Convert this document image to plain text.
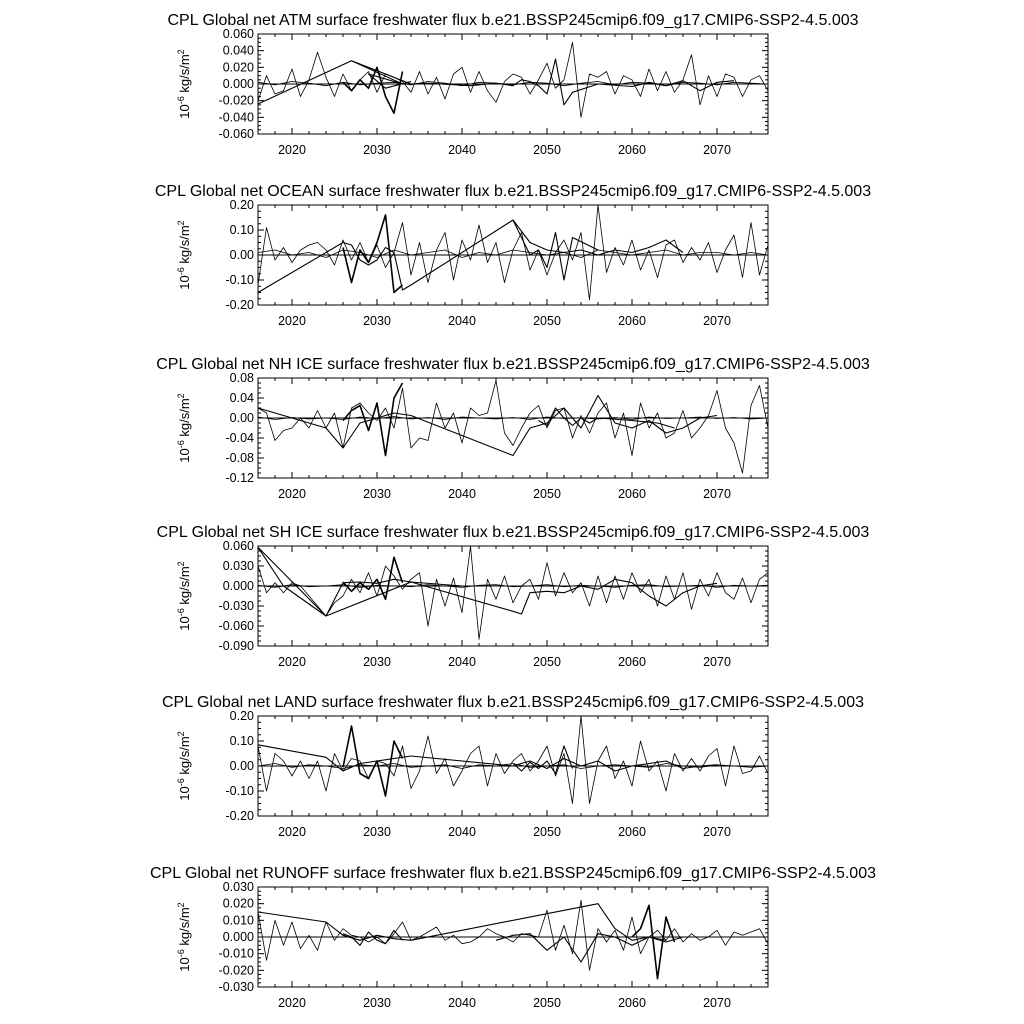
CPL Global net ATM surface freshwater flux b.e21.BSSP245cmip6.f09_g17.CMIP6-SSP2-4.5.003
2020	2030	2040	2050	2060	2070
0.060
0.040
0.020
0.000
-0.020
-0.040
-0.060
$10^{-6}$ $kg/s/m^2$
CPL Global net OCEAN surface freshwater flux b.e21.BSSP245cmip6.f09_g17.CMIP6-SSP2-4.5.003
2020	2030	2040	2050	2060	2070
0.20
0.10
0.00
-0.10
-0.20
$10^{-6}$ $kg/s/m^2$
CPL Global net NH ICE surface freshwater flux b.e21.BSSP245cmip6.f09_g17.CMIP6-SSP2-4.5.003
2020	2030	2040	2050	2060	2070
0.08
0.04
0.00
-0.04
-0.08
-0.12
$10^{-6}$ $kg/s/m^2$
CPL Global net SH ICE surface freshwater flux b.e21.BSSP245cmip6.f09_g17.CMIP6-SSP2-4.5.003
2020	2030	2040	2050	2060	2070
0.060
0.030
0.000
-0.030
-0.060
-0.090
$10^{-6}$ $kg/s/m^2$
CPL Global net LAND surface freshwater flux b.e21.BSSP245cmip6.f09_g17.CMIP6-SSP2-4.5.003
2020	2030	2040	2050	2060	2070
0.20
0.10
0.00
-0.10
-0.20
$10^{-6}$ $kg/s/m^2$
CPL Global net RUNOFF surface freshwater flux b.e21.BSSP245cmip6.f09_g17.CMIP6-SSP2-4.5.003
2020	2030	2040	2050	2060	2070
0.030
0.020
0.010
0.000
-0.010
-0.020
-0.030
$10^{-6}$ $kg/s/m^2$
